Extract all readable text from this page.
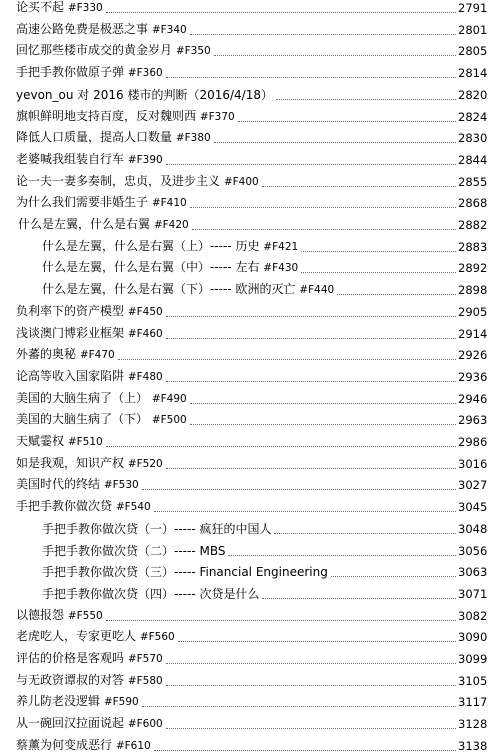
论买不起 #F330	2791
高速公路免费是极恶之事 #F340	2801
回忆那些楼市成交的黄金岁月 #F350	2805
手把手教你做原子弹 #F360	2814
yevon_ou 对 2016 楼市的判断（2016/4/18）	2820
旗帜鲜明地支持百度，反对魏则西 #F370	2824
降低人口质量，提高人口数量 #F380	2830
老婆喊我组装自行车 #F390	2844
论一夫一妻多奏制，忠贞，及进步主义 #F400	2855
为什么我们需要非婚生子 #F410	2868
什么是左翼，什么是右翼 #F420	2882
什么是左翼，什么是右翼（上）----- 历史 #F421	2883
什么是左翼，什么是右翼（中）----- 左右 #F430	2892
什么是左翼，什么是右翼（下）----- 欧洲的灭亡 #F440	2898
负利率下的资产模型 #F450	2905
浅谈澳门博彩业框架 #F460	2914
外蕃的奥秘 #F470	2926
论高等收入国家陷阱 #F480	2936
美国的大脑生病了（上） #F490	2946
美国的大脑生病了（下） #F500	2963
天赋霎权 #F510	2986
如是我观，知识产权 #F520	3016
美国时代的终结 #F530	3027
手把手教你做次贷 #F540	3045
手把手教你做次贷（一）----- 疯狂的中国人	3048
手把手教你做次贷（二）----- MBS	3056
手把手教你做次贷（三）----- Financial Engineering	3063
手把手教你做次贷（四）----- 次贷是什么	3071
以德报怨 #F550	3082
老虎吃人，专家更吃人 #F560	3090
评估的价格是客观吗 #F570	3099
与无政资谭叔的对答 #F580	3105
养儿防老没逻辑 #F590	3117
从一碗回汉拉面说起 #F600	3128
蔡薰为何变成恶行 #F610	3138
